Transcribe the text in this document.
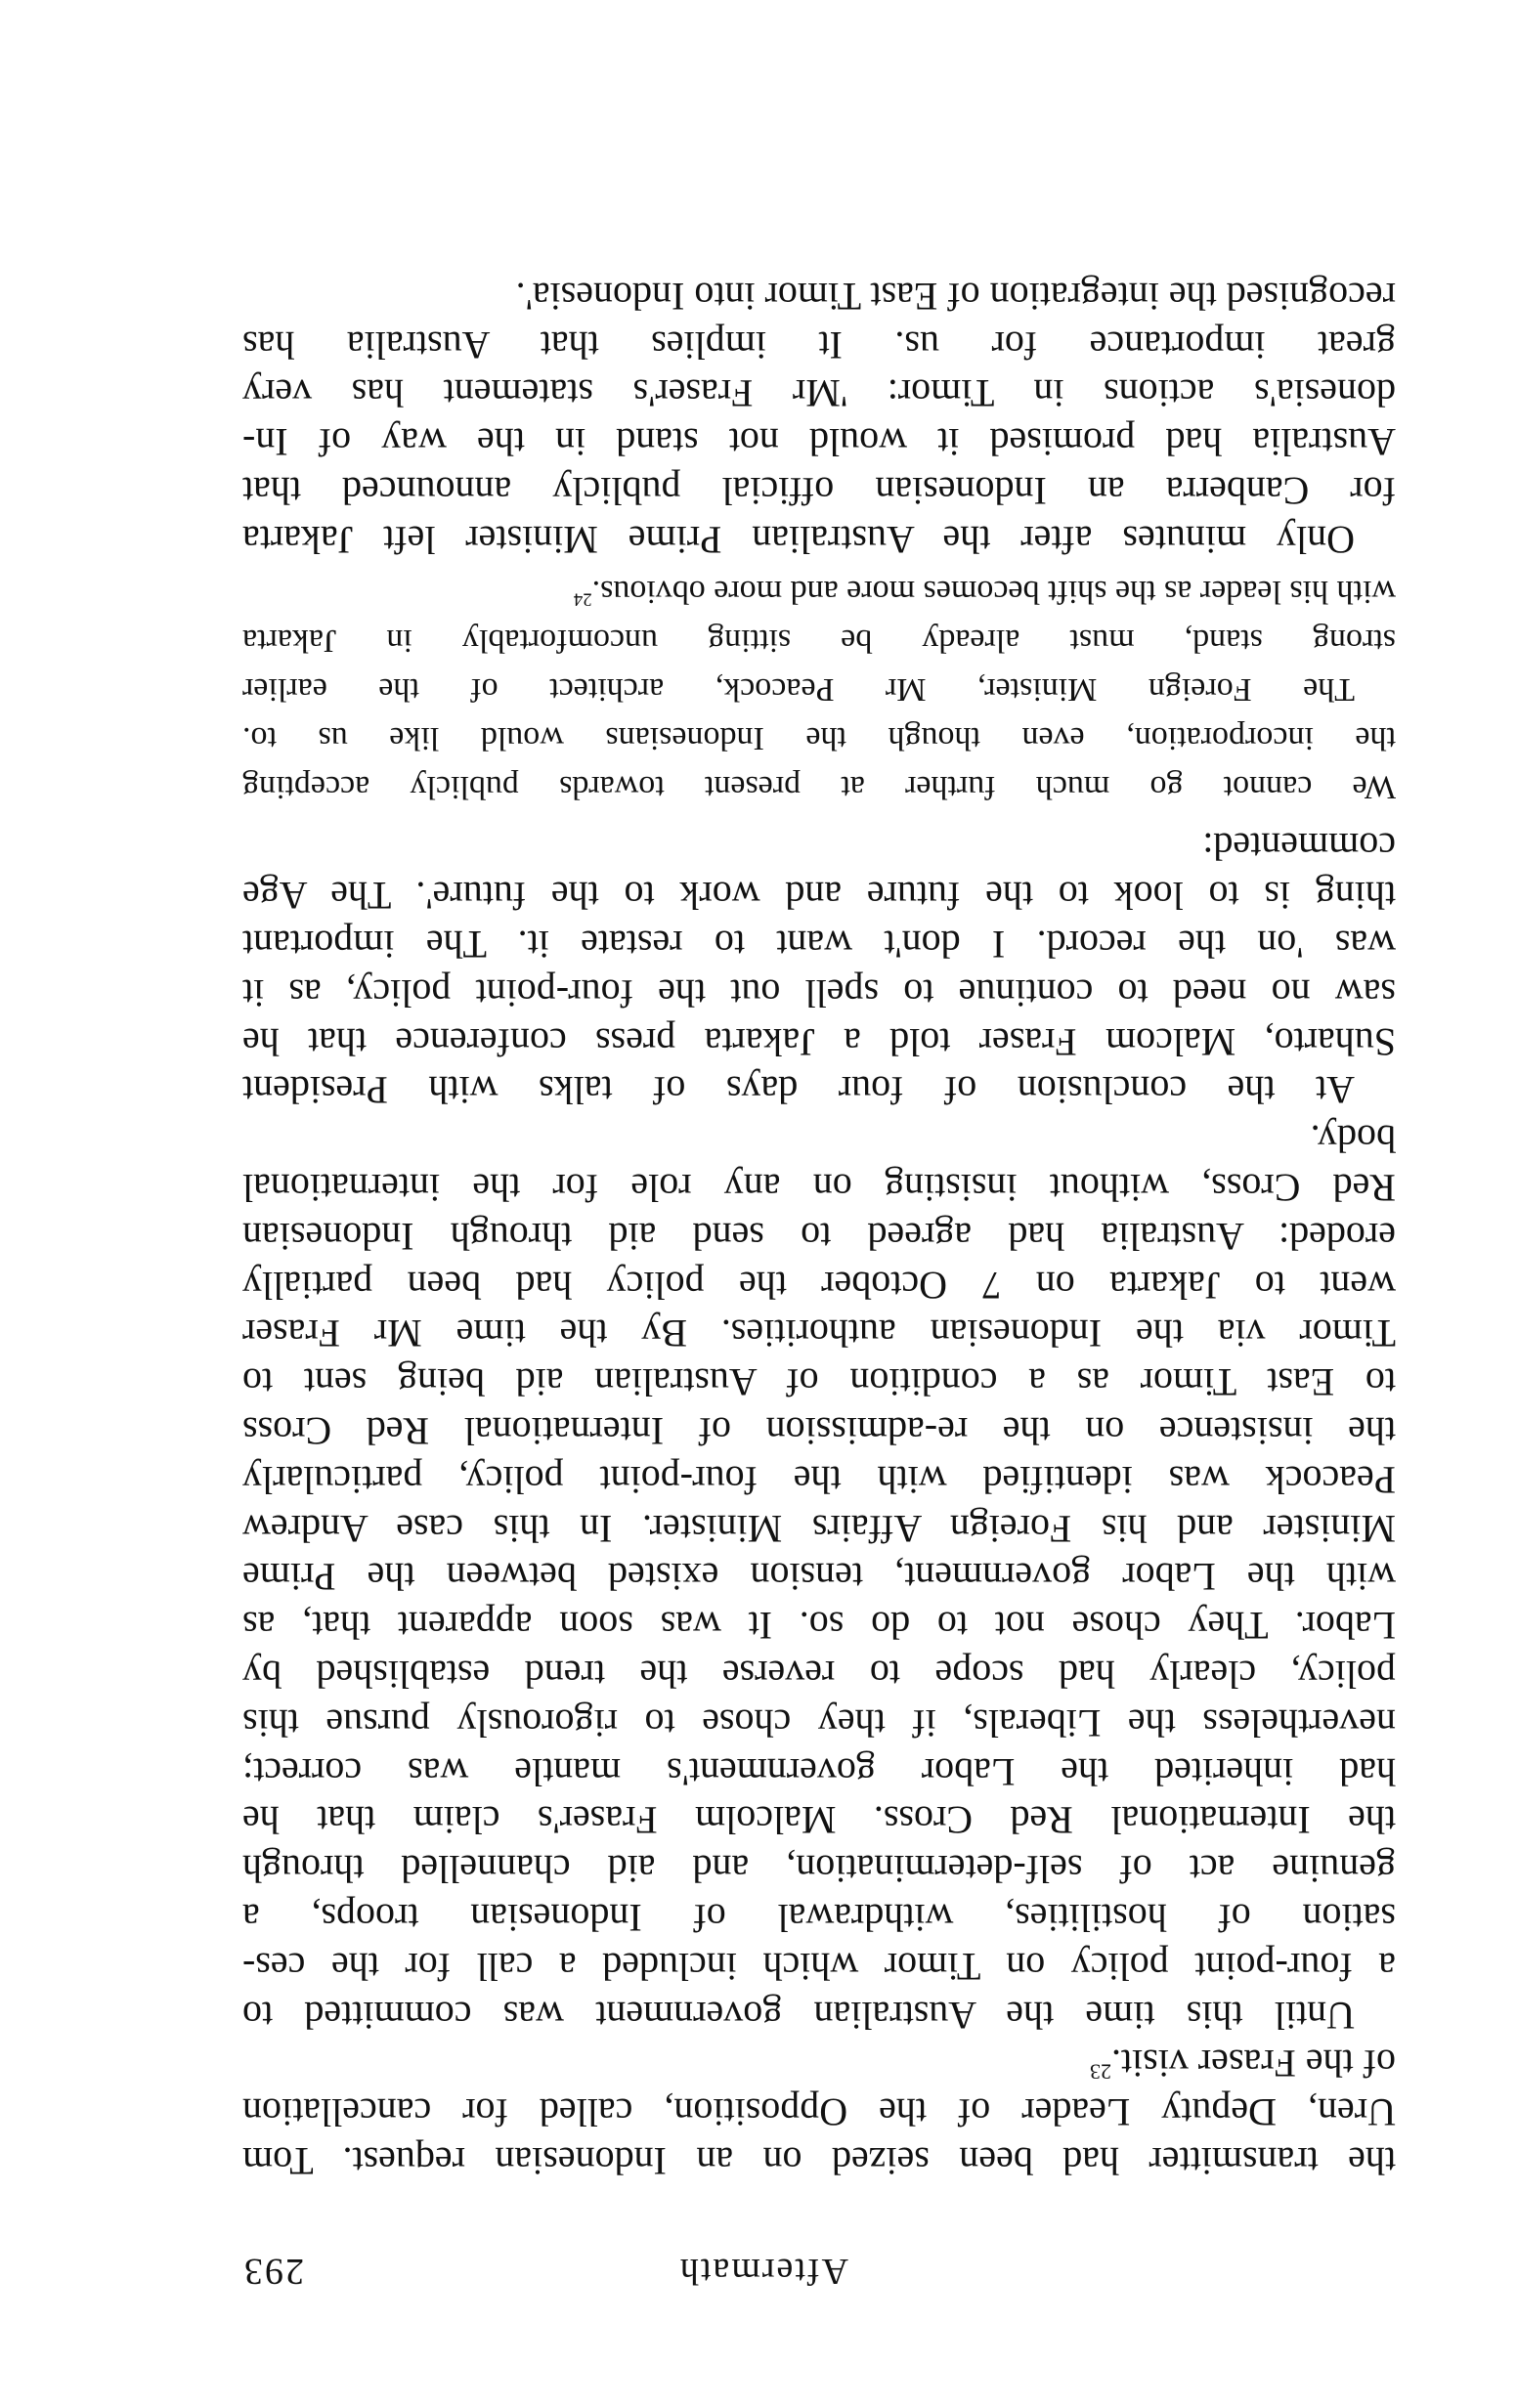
Aftermath
293
the transmitter had been seized on an Indonesian request. Tom
Uren, Deputy Leader of the Opposition, called for cancellation
of the Fraser visit.$^{23}$
Until this time the Australian government was committed to
a four-point policy on Timor which included a call for the ces-
sation of hostilities, withdrawal of Indonesian troops, a
genuine act of self-determination, and aid channelled through
the International Red Cross. Malcolm Fraser's claim that he
had inherited the Labor government's mantle was correct;
nevertheless the Liberals, if they chose to rigorously pursue this
policy, clearly had scope to reverse the trend established by
Labor. They chose not to do so. It was soon apparent that, as
with the Labor government, tension existed between the Prime
Minister and his Foreign Affairs Minister. In this case Andrew
Peacock was identified with the four-point policy, particularly
the insistence on the re-admission of International Red Cross
to East Timor as a condition of Australian aid being sent to
Timor via the Indonesian authorities. By the time Mr Fraser
went to Jakarta on 7 October the policy had been partially
eroded: Australia had agreed to send aid through Indonesian
Red Cross, without insisting on any role for the international
body.
At the conclusion of four days of talks with President
Suharto, Malcom Fraser told a Jakarta press conference that he
saw no need to continue to spell out the four-point policy, as it
was 'on the record. I don't want to restate it. The important
thing is to look to the future and work to the future'. The Age
commented:
We cannot go much further at present towards publicly accepting
the incorporation, even though the Indonesians would like us to.
The Foreign Minister, Mr Peacock, architect of the earlier
strong stand, must already be sitting uncomfortably in Jakarta
with his leader as the shift becomes more and more obvious.$^{24}$
Only minutes after the Australian Prime Minister left Jakarta
for Canberra an Indonesian official publicly announced that
Australia had promised it would not stand in the way of In-
donesia's actions in Timor: 'Mr Fraser's statement has very
great importance for us. It implies that Australia has
recognised the integration of East Timor into Indonesia'.
